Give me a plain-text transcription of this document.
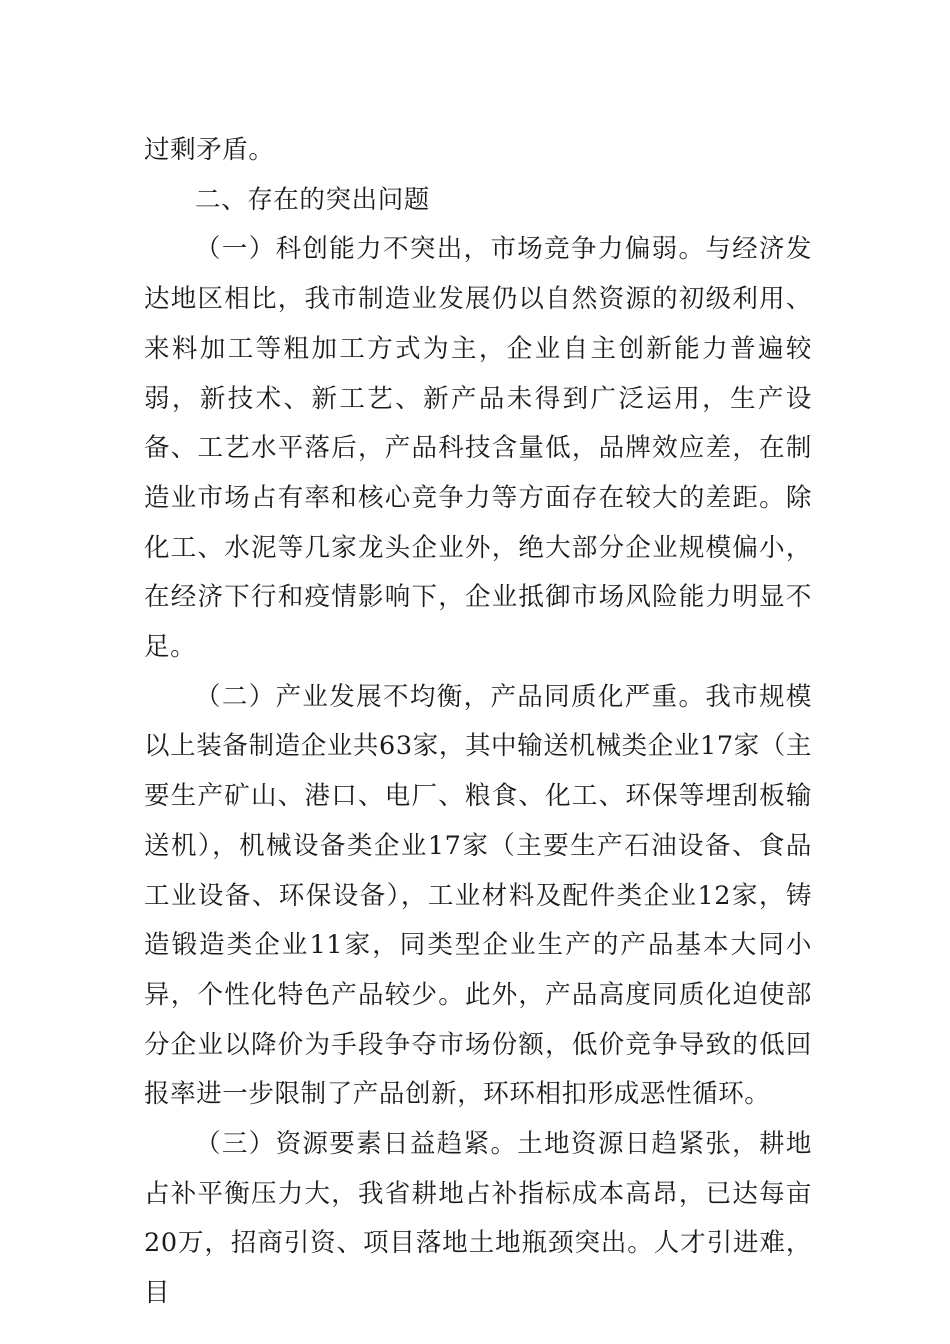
过剩矛盾。

二、存在的突出问题

（一）科创能力不突出，市场竞争力偏弱。与经济发达地区相比，我市制造业发展仍以自然资源的初级利用、来料加工等粗加工方式为主，企业自主创新能力普遍较弱，新技术、新工艺、新产品未得到广泛运用，生产设备、工艺水平落后，产品科技含量低，品牌效应差，在制造业市场占有率和核心竞争力等方面存在较大的差距。除化工、水泥等几家龙头企业外，绝大部分企业规模偏小，在经济下行和疫情影响下，企业抵御市场风险能力明显不足。

（二）产业发展不均衡，产品同质化严重。我市规模以上装备制造企业共63家，其中输送机械类企业17家（主要生产矿山、港口、电厂、粮食、化工、环保等埋刮板输送机），机械设备类企业17家（主要生产石油设备、食品工业设备、环保设备），工业材料及配件类企业12家，铸造锻造类企业11家，同类型企业生产的产品基本大同小异，个性化特色产品较少。此外，产品高度同质化迫使部分企业以降价为手段争夺市场份额，低价竞争导致的低回报率进一步限制了产品创新，环环相扣形成恶性循环。

（三）资源要素日益趋紧。土地资源日趋紧张，耕地占补平衡压力大，我省耕地占补指标成本高昂，已达每亩20万，招商引资、项目落地土地瓶颈突出。人才引进难，目
